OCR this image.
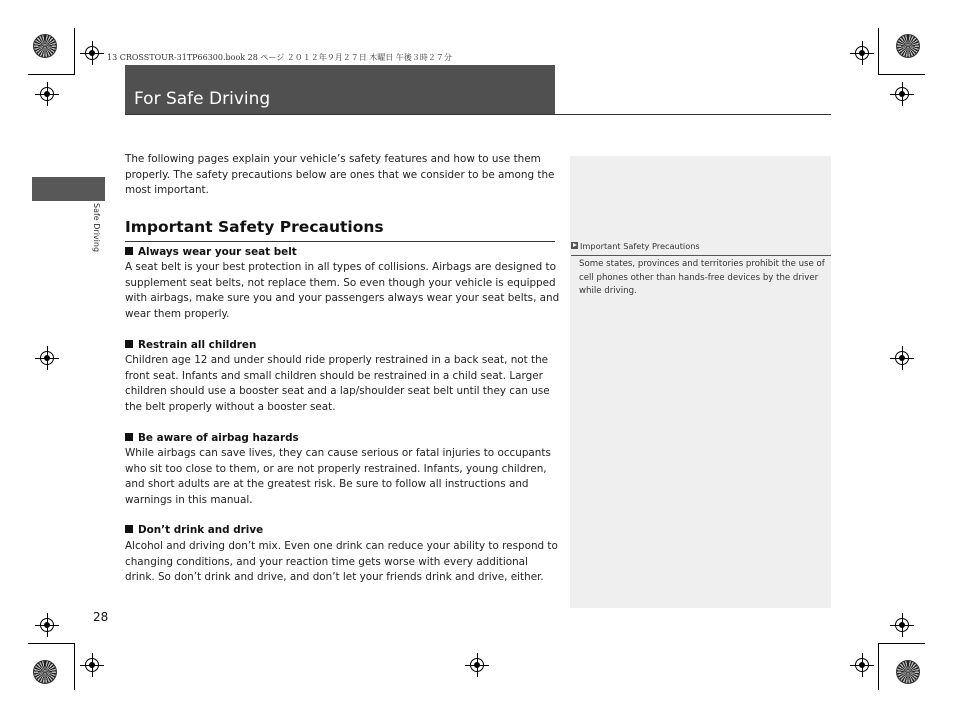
13 CROSSTOUR-31TP66300.book 28 ページ ２０１２年９月２７日 木曜日 午後３時２７分
For Safe Driving
Safe Driving

The following pages explain your vehicle’s safety features and how to use them properly. The safety precautions below are ones that we consider to be among the most important.

Important Safety Precautions
Always wear your seat belt

A seat belt is your best protection in all types of collisions. Airbags are designed to supplement seat belts, not replace them. So even though your vehicle is equipped with airbags, make sure you and your passengers always wear your seat belts, and wear them properly.

Restrain all children

Children age 12 and under should ride properly restrained in a back seat, not the front seat. Infants and small children should be restrained in a child seat. Larger children should use a booster seat and a lap/shoulder seat belt until they can use the belt properly without a booster seat.

Be aware of airbag hazards

While airbags can save lives, they can cause serious or fatal injuries to occupants who sit too close to them, or are not properly restrained. Infants, young children, and short adults are at the greatest risk. Be sure to follow all instructions and warnings in this manual.

Don’t drink and drive

Alcohol and driving don’t mix. Even one drink can reduce your ability to respond to changing conditions, and your reaction time gets worse with every additional drink. So don’t drink and drive, and don’t let your friends drink and drive, either.

Important Safety Precautions

Some states, provinces and territories prohibit the use of cell phones other than hands-free devices by the driver while driving.

28
